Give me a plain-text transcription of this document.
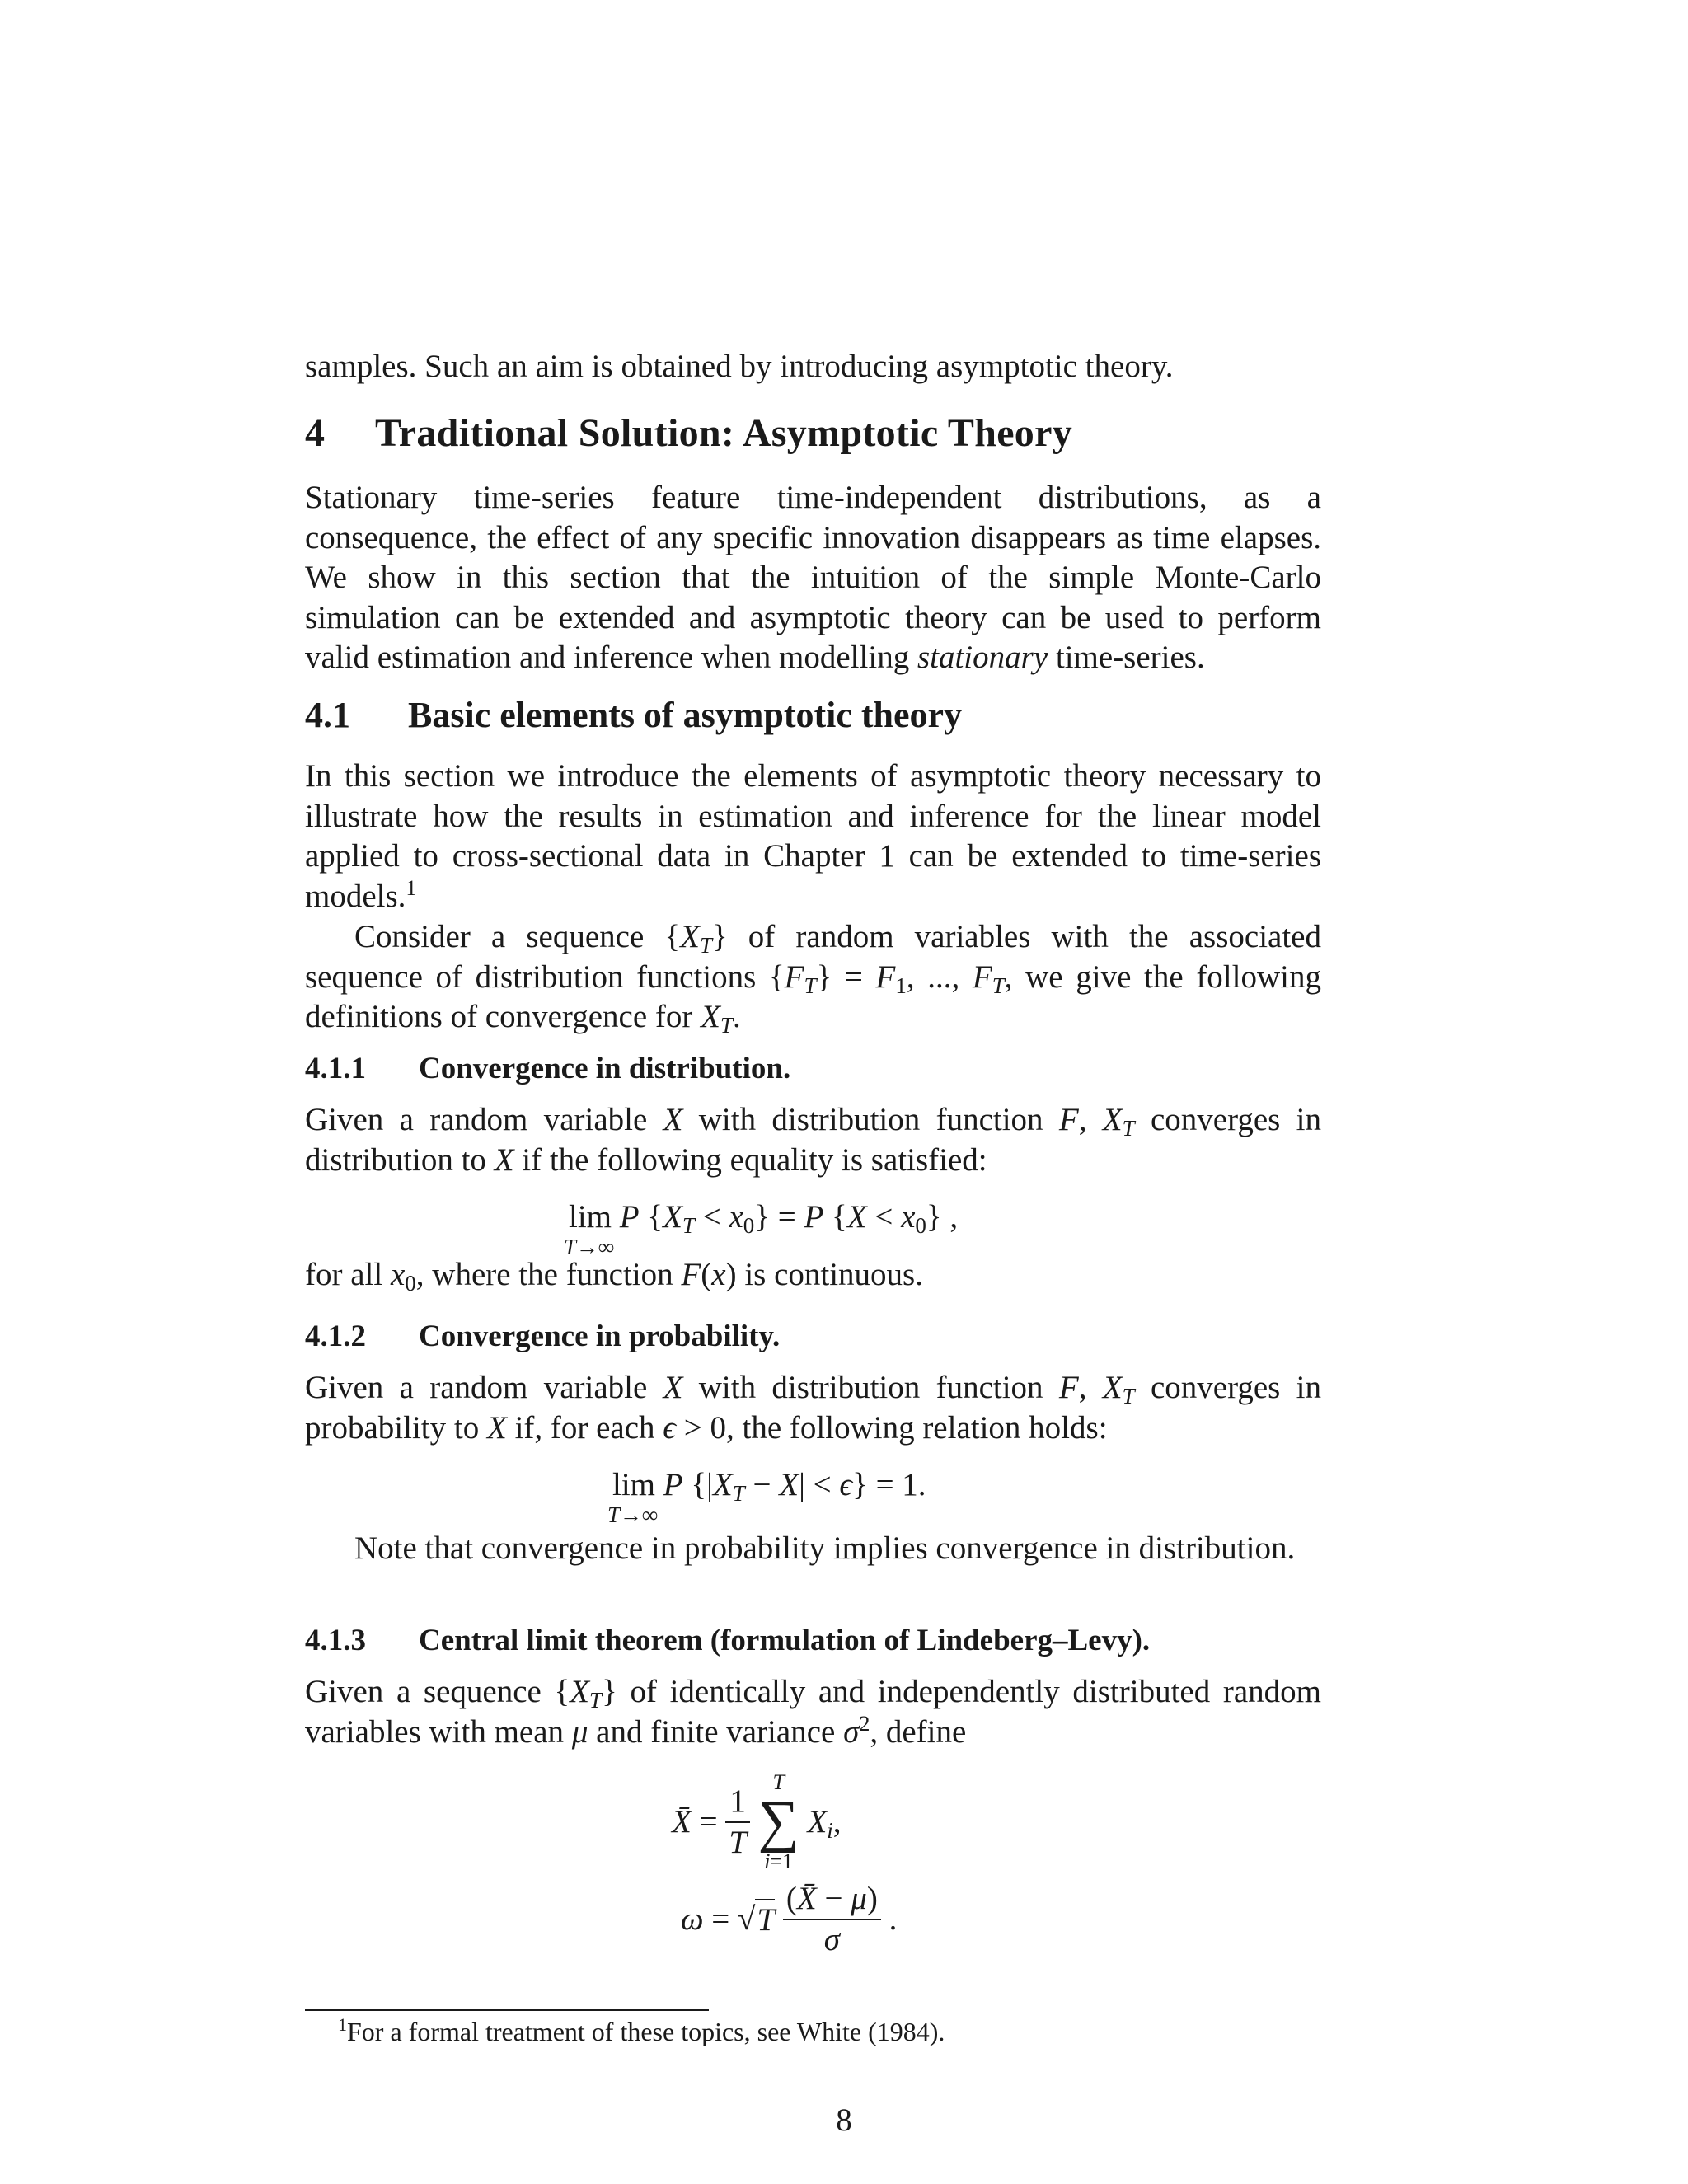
samples. Such an aim is obtained by introducing asymptotic theory.

4 Traditional Solution: Asymptotic Theory

Stationary time-series feature time-independent distributions, as a consequence, the effect of any specific innovation disappears as time elapses. We show in this section that the intuition of the simple Monte-Carlo simulation can be extended and asymptotic theory can be used to perform valid estimation and inference when modelling stationary time-series.

4.1 Basic elements of asymptotic theory

In this section we introduce the elements of asymptotic theory necessary to illustrate how the results in estimation and inference for the linear model applied to cross-sectional data in Chapter 1 can be extended to time-series models.$^1$

Consider a sequence $\{X_T\}$ of random variables with the associated sequence of distribution functions $\{F_T\} = F_1$, ..., $F_T$, we give the following definitions of convergence for $X_T$.

4.1.1 Convergence in distribution.

Given a random variable X with distribution function F, $X_T$ converges in distribution to X if the following equality is satisfied:

lim
T→∞
P $\{X_T < x_0\} = P$ $\{X < x_0\}$ ,

for all $x_0$, where the function F(x) is continuous.

4.1.2 Convergence in probability.

Given a random variable X with distribution function F, $X_T$ converges in probability to X if, for each ϵ > 0, the following relation holds:

lim
T→∞
P $\{|X_T - X| < \epsilon\} = 1$.

Note that convergence in probability implies convergence in distribution.

4.1.3 Central limit theorem (formulation of Lindeberg–Levy).

Given a sequence $\{X_T\}$ of identically and independently distributed random variables with mean μ and finite variance $\sigma^2$, define

X̄ = $\frac{1}{T}$
	T
∑
i=1
$X_i$,
$\omega = √T \frac{(X̄ - \mu)}{\sigma}$ .
$^1$For a formal treatment of these topics, see White (1984).
8
